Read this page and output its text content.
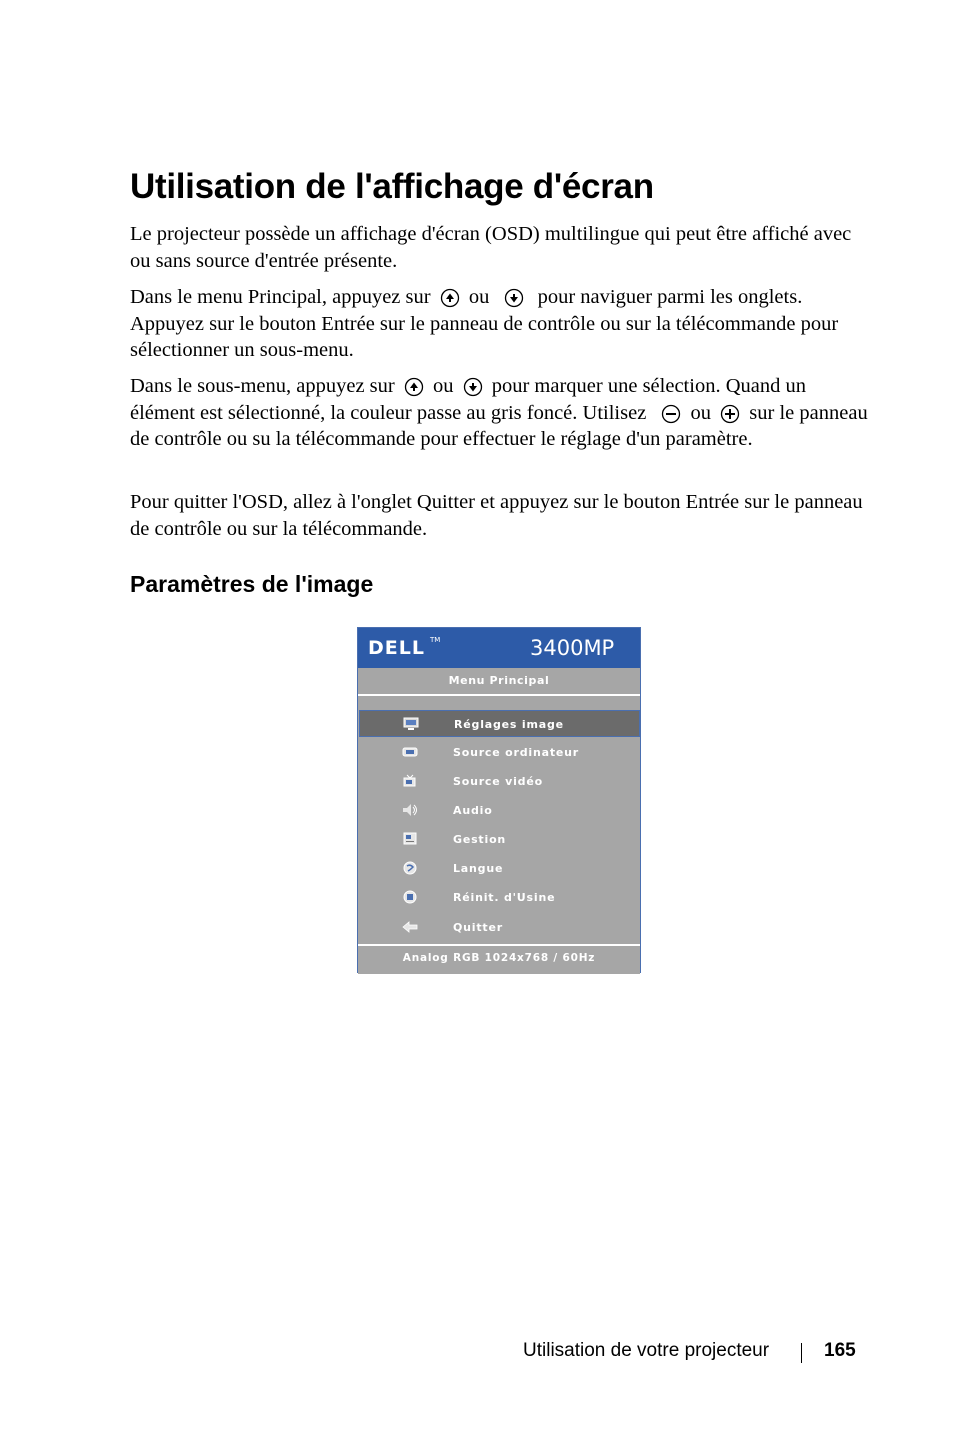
Utilisation de l'affichage d'écran
Le projecteur possède un affichage d'écran (OSD) multilingue qui peut être affiché avec ou sans source d'entrée présente.
Dans le menu Principal, appuyez sur ou pour naviguer parmi les onglets. Appuyez sur le bouton Entrée sur le panneau de contrôle ou sur la télécommande pour sélectionner un sous-menu.
Dans le sous-menu, appuyez sur ou pour marquer une sélection. Quand un élément est sélectionné, la couleur passe au gris foncé. Utilisez ou sur le panneau de contrôle ou su la télécommande pour effectuer le réglage d'un paramètre.
Pour quitter l'OSD, allez à l'onglet Quitter et appuyez sur le bouton Entrée sur le panneau de contrôle ou sur la télécommande.
Paramètres de l'image
DELL TM	3400MP
Menu Principal
Réglages image
Source ordinateur
Source vidéo
Audio
Gestion
Langue
Réinit. d'Usine
Quitter
Analog RGB 1024x768 / 60Hz
Utilisation de votre projecteur	165
